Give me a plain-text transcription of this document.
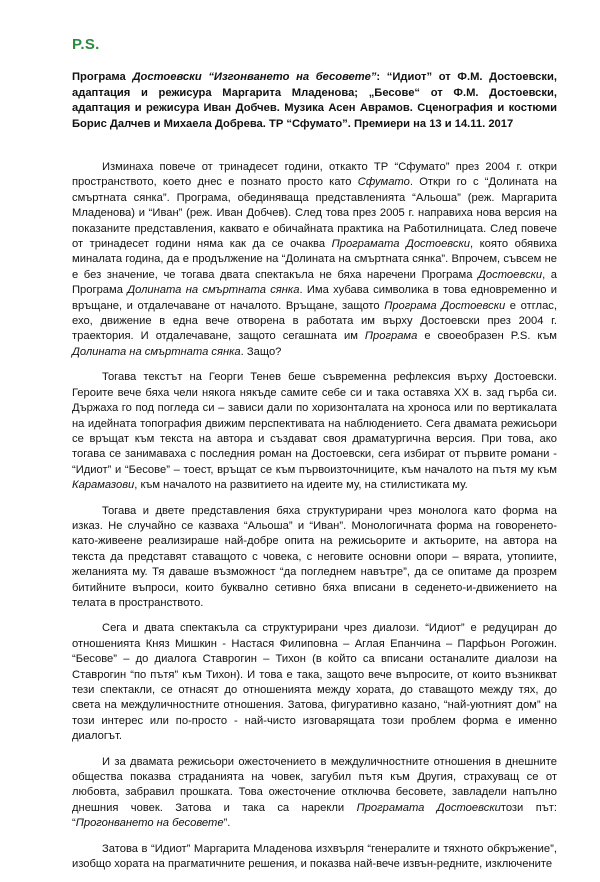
P.S.

Програма Достоевски “Изгонването на бесовете”: “Идиот” от Ф.М. Достоевски, адаптация и режисура Маргарита Младенова; „Бесове“ от Ф.М. Достоевски, адаптация и режисура Иван Добчев. Музика Асен Аврамов. Сценография и костюми Борис Далчев и Михаела Добрева. ТР “Сфумато”. Премиери на 13 и 14.11. 2017

Изминаха повече от тринадесет години, откакто ТР “Сфумато” през 2004 г. откри пространството, което днес е познато просто като Сфумато. Откри го с “Долината на смъртната сянка”. Програма, обединяваща представленията “Альоша” (реж. Маргарита Младенова) и “Иван” (реж. Иван Добчев). След това през 2005 г. направиха нова версия на показаните представления, каквато е обичайната практика на Работилницата. След повече от тринадесет години няма как да се очаква Програмата Достоевски, която обявиха миналата година, да е продължение на “Долината на смъртната сянка”. Впрочем, съвсем не е без значение, че тогава двата спектакъла не бяха наречени Програма Достоевски, а Програма Долината на смъртната сянка. Има хубава символика в това едновременно и връщане, и отдалечаване от началото. Връщане, защото Програма Достоевски е отглас, ехо, движение в една вече отворена в работата им върху Достоевски през 2004 г. траектория. И отдалечаване, защото сегашната им Програма е своеобразен P.S. към Долината на смъртната сянка. Защо?

Тогава текстът на Георги Тенев беше съвременна рефлексия върху Достоевски. Героите вече бяха чели някога някъде самите себе си и така оставяха ХХ в. зад гърба си. Държаха го под погледа си – зависи дали по хоризонталата на хроноса или по вертикалата на идейната топография движим перспективата на наблюдението. Сега двамата режисьори се връщат към текста на автора и създават своя драматургична версия. При това, ако тогава се занимаваха с последния роман на Достоевски, сега избират от първите романи - “Идиот” и “Бесове” – тоест, връщат се към първоизточниците, към началото на пътя му към Карамазови, към началото на развитието на идеите му, на стилистиката му.

Тогава и двете представления бяха структурирани чрез монолога като форма на изказ. Не случайно се казваха “Альоша” и “Иван”. Монологичната форма на говоренето-като-живеене реализираше най-добре опита на режисьорите и актьорите, на автора на текста да представят ставащото с човека, с неговите основни опори – вярата, утопиите, желанията му. Тя даваше възможност “да погледнем навътре”, да се опитаме да прозрем битийните въпроси, които буквално сетивно бяха вписани в седенето-и-движението на телата в пространството.

Сега и двата спектакъла са структурирани чрез диалози. “Идиот” е редуциран до отношенията Княз Мишкин - Настася Филиповна – Аглая Епанчина – Парфьон Рогожин. “Бесове” – до диалога Ставрогин – Тихон (в който са вписани останалите диалози на Ставрогин “по пътя” към Тихон). И това е така, защото вече въпросите, от които възникват тези спектакли, се отнасят до отношенията между хората, до ставащото между тях, до света на междуличностните отношения. Затова, фигуративно казано, “най-уютният дом” на този интерес или по-просто - най-чисто изговарящата този проблем форма е именно диалогът.

И за двамата режисьори ожесточението в междуличностните отношения в днешните общества показва страданията на човек, загубил пътя към Другия, страхуващ се от любовта, забравил прошката. Това ожесточение отключва бесовете, завладели напълно днешния човек. Затова и така са нарекли Програмата Достоевскитози път: “Прогонването на бесовете”.

Затова в “Идиот” Маргарита Младенова изхвърля “генералите и тяхното обкръжение”, изобщо хората на прагматичните решения, и показва най-вече извън-редните, изключените
